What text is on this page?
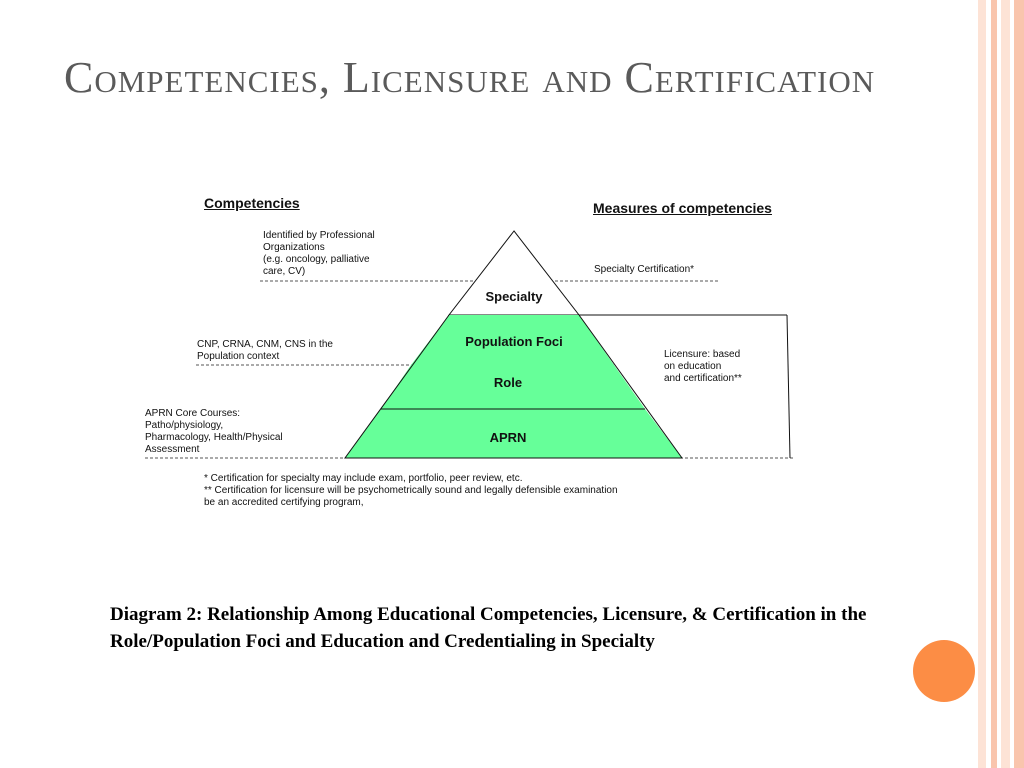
Competencies, Licensure and Certification
Competencies	Measures of competencies
Specialty
Population Foci
Role
APRN
Identified by Professional
Organizations
(e.g. oncology, palliative
care, CV)
CNP, CRNA, CNM, CNS in the
Population context
APRN Core Courses:
Patho/physiology,
Pharmacology, Health/Physical
Assessment
Specialty Certification*
Licensure: based
on education
and certification**
* Certification for specialty may include exam, portfolio, peer review, etc.
** Certification for licensure will be psychometrically sound and legally defensible examination
be an accredited certifying program,

Diagram 2: Relationship Among Educational Competencies, Licensure, & Certification in the Role/Population Foci and Education and Credentialing in Specialty
